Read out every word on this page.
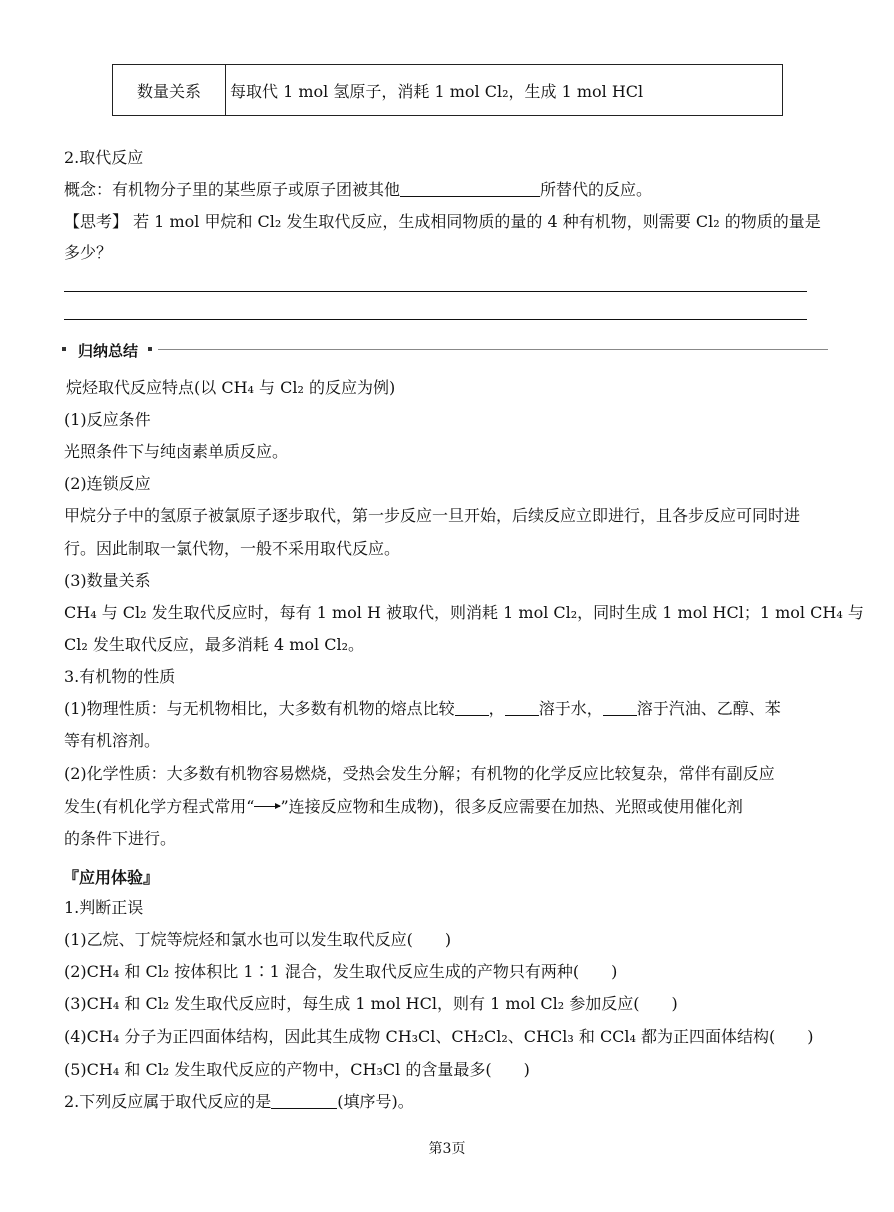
数量关系	每取代 1 mol 氢原子，消耗 1 mol Cl₂，生成 1 mol HCl
2.取代反应
概念：有机物分子里的某些原子或原子团被其他	所替代的反应。
【思考】 若 1 mol 甲烷和 Cl₂ 发生取代反应，生成相同物质的量的 4 种有机物，则需要 Cl₂ 的物质的量是
多少？
归纳总结
烷烃取代反应特点(以 CH₄ 与 Cl₂ 的反应为例)
(1)反应条件
光照条件下与纯卤素单质反应。
(2)连锁反应
甲烷分子中的氢原子被氯原子逐步取代，第一步反应一旦开始，后续反应立即进行，且各步反应可同时进
行。因此制取一氯代物，一般不采用取代反应。
(3)数量关系
CH₄ 与 Cl₂ 发生取代反应时，每有 1 mol H 被取代，则消耗 1 mol Cl₂，同时生成 1 mol HCl；1 mol CH₄ 与
Cl₂ 发生取代反应，最多消耗 4 mol Cl₂。
3.有机物的性质
(1)物理性质：与无机物相比，大多数有机物的熔点比较 ， 溶于水， 溶于汽油、乙醇、苯
等有机溶剂。
(2)化学性质：大多数有机物容易燃烧，受热会发生分解；有机物的化学反应比较复杂，常伴有副反应
发生(有机化学方程式常用“→”连接反应物和生成物)，很多反应需要在加热、光照或使用催化剂
的条件下进行。
『应用体验』
1.判断正误
(1)乙烷、丁烷等烷烃和氯水也可以发生取代反应(　　)
(2)CH₄ 和 Cl₂ 按体积比 1∶1 混合，发生取代反应生成的产物只有两种(　　)
(3)CH₄ 和 Cl₂ 发生取代反应时，每生成 1 mol HCl，则有 1 mol Cl₂ 参加反应(　　)
(4)CH₄ 分子为正四面体结构，因此其生成物 CH₃Cl、CH₂Cl₂、CHCl₃ 和 CCl₄ 都为正四面体结构(　　)
(5)CH₄ 和 Cl₂ 发生取代反应的产物中，CH₃Cl 的含量最多(　　)
2.下列反应属于取代反应的是	(填序号)。
第3页
